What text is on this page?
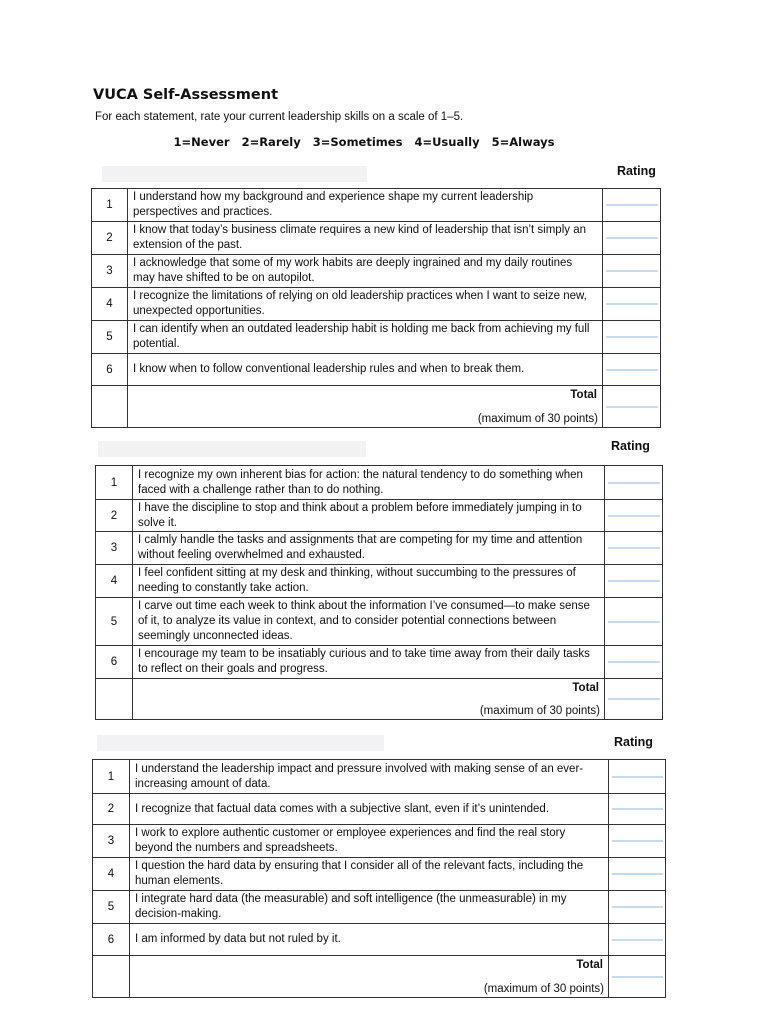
VUCA Self-Assessment
For each statement, rate your current leadership skills on a scale of 1–5.
1=Never 2=Rarely 3=Sometimes 4=Usually 5=Always
Rating
1	I understand how my background and experience shape my current leadership perspectives and practices.	

2	I know that today’s business climate requires a new kind of leadership that isn’t simply an extension of the past.	

3	I acknowledge that some of my work habits are deeply ingrained and my daily routines may have shifted to be on autopilot.	

4	I recognize the limitations of relying on old leadership practices when I want to seize new, unexpected opportunities.	

5	I can identify when an outdated leadership habit is holding me back from achieving my full potential.	

6	I know when to follow conventional leadership rules and when to break them.	

	Total
(maximum of 30 points)	

Rating
1	I recognize my own inherent bias for action: the natural tendency to do something when faced with a challenge rather than to do nothing.	

2	I have the discipline to stop and think about a problem before immediately jumping in to solve it.	

3	I calmly handle the tasks and assignments that are competing for my time and attention without feeling overwhelmed and exhausted.	

4	I feel confident sitting at my desk and thinking, without succumbing to the pressures of needing to constantly take action.	

5	I carve out time each week to think about the information I’ve consumed—to make sense of it, to analyze its value in context, and to consider potential connections between seemingly unconnected ideas.	

6	I encourage my team to be insatiably curious and to take time away from their daily tasks to reflect on their goals and progress.	

	Total
(maximum of 30 points)	

Rating
1	I understand the leadership impact and pressure involved with making sense of an ever-increasing amount of data.	

2	I recognize that factual data comes with a subjective slant, even if it’s unintended.	

3	I work to explore authentic customer or employee experiences and find the real story beyond the numbers and spreadsheets.	

4	I question the hard data by ensuring that I consider all of the relevant facts, including the human elements.	

5	I integrate hard data (the measurable) and soft intelligence (the unmeasurable) in my decision-making.	

6	I am informed by data but not ruled by it.	

	Total
(maximum of 30 points)	
